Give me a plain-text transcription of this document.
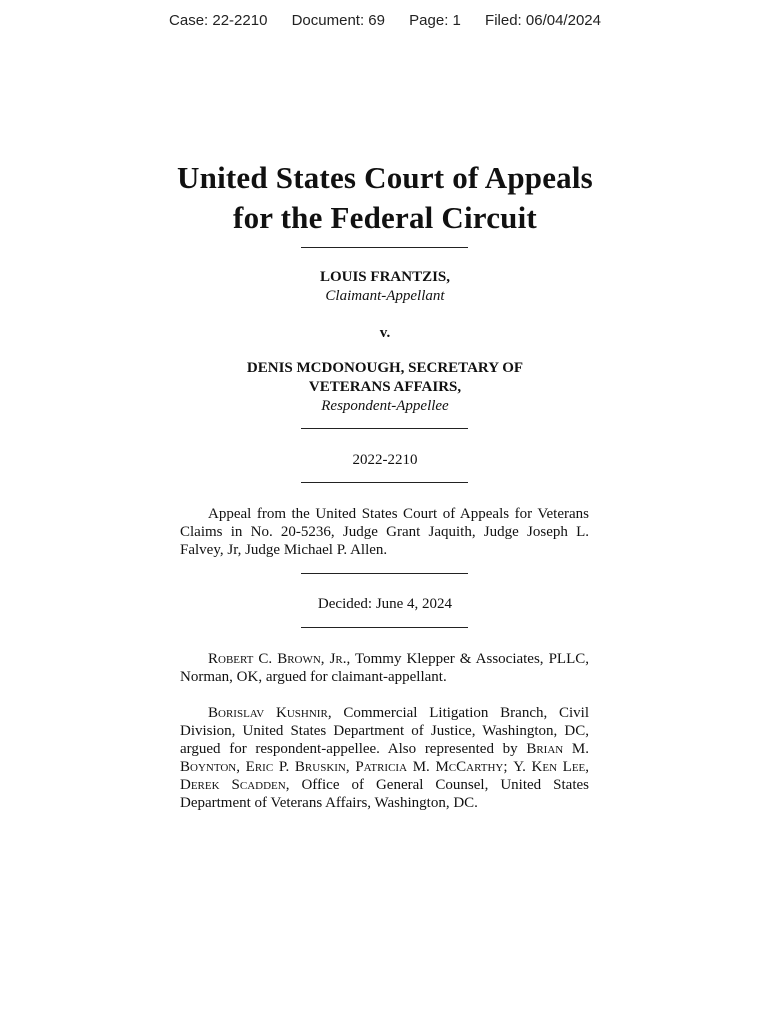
Case: 22-2210 Document: 69 Page: 1 Filed: 06/04/2024
United States Court of Appeals
for the Federal Circuit
LOUIS FRANTZIS,
Claimant-Appellant
v.
DENIS MCDONOUGH, SECRETARY OF
VETERANS AFFAIRS,
Respondent-Appellee
2022-2210
Appeal from the United States Court of Appeals for Veterans Claims in No. 20-5236, Judge Grant Jaquith, Judge Joseph L. Falvey, Jr, Judge Michael P. Allen.
Decided: June 4, 2024
Robert C. Brown, Jr., Tommy Klepper & Associates, PLLC, Norman, OK, argued for claimant-appellant.
Borislav Kushnir, Commercial Litigation Branch, Civil Division, United States Department of Justice, Washington, DC, argued for respondent-appellee. Also represented by Brian M. Boynton, Eric P. Bruskin, Patricia M. McCarthy; Y. Ken Lee, Derek Scadden, Office of General Counsel, United States Department of Veterans Affairs, Washington, DC.
